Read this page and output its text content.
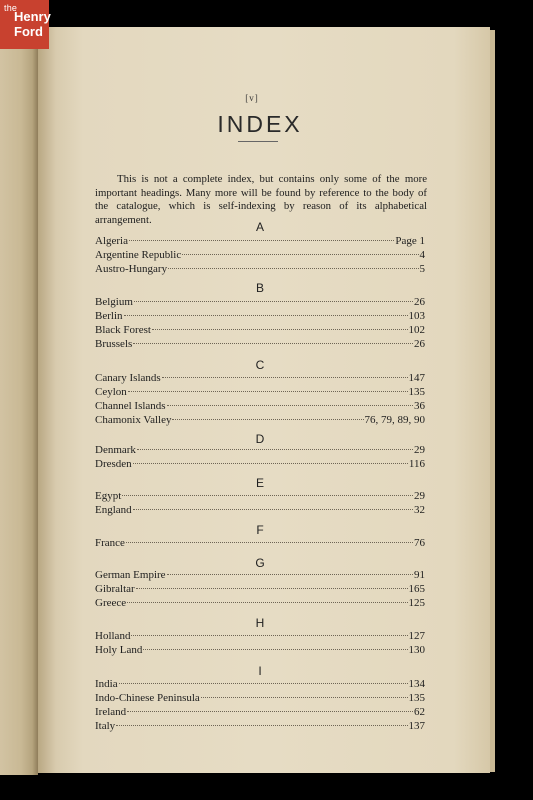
the
Henry
Ford
[v]
INDEX
This is not a complete index, but contains only some of the more important headings. Many more will be found by reference to the body of the catalogue, which is self-indexing by reason of its alphabetical arrangement.
A
Algeria	Page 1
Argentine Republic	4
Austro-Hungary	5
B
Belgium	26
Berlin	103
Black Forest	102
Brussels	26
C
Canary Islands	147
Ceylon	135
Channel Islands	36
Chamonix Valley	76, 79, 89, 90
D
Denmark	29
Dresden	116
E
Egypt	29
England	32
F
France	76
G
German Empire	91
Gibraltar	165
Greece	125
H
Holland	127
Holy Land	130
I
India	134
Indo-Chinese Peninsula	135
Ireland	62
Italy	137
